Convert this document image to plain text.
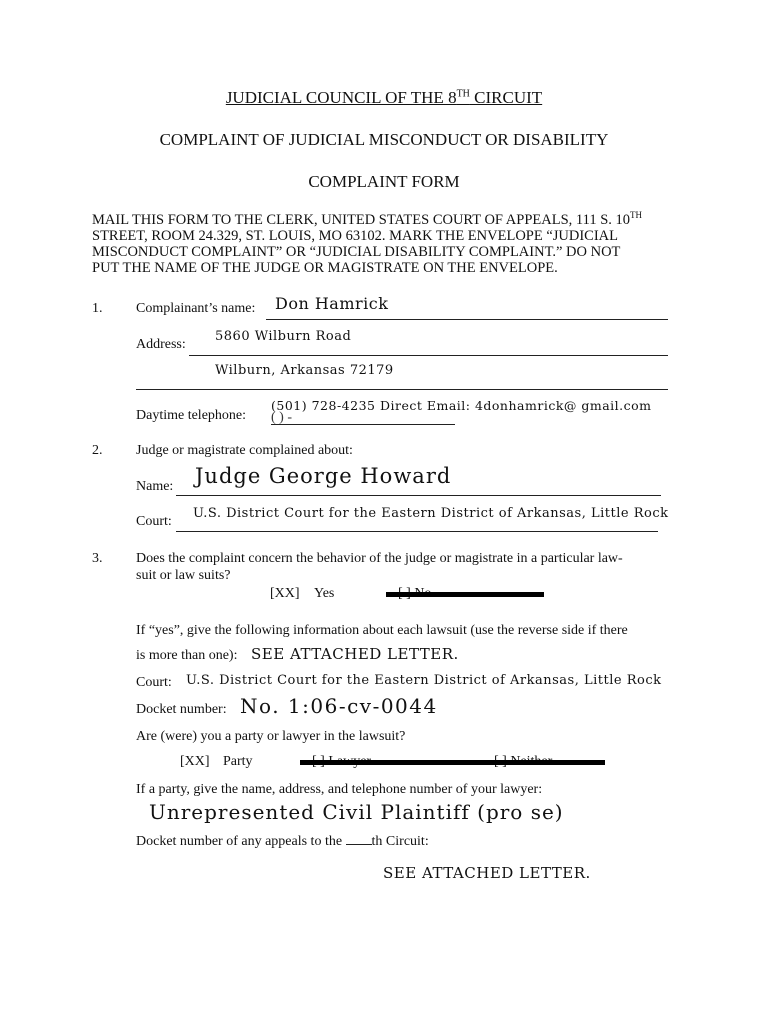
JUDICIAL COUNCIL OF THE 8TH CIRCUIT
COMPLAINT OF JUDICIAL MISCONDUCT OR DISABILITY
COMPLAINT FORM
MAIL THIS FORM TO THE CLERK, UNITED STATES COURT OF APPEALS, 111 S. 10TH
STREET, ROOM 24.329, ST. LOUIS, MO 63102. MARK THE ENVELOPE “JUDICIAL
MISCONDUCT COMPLAINT” OR “JUDICIAL DISABILITY COMPLAINT.” DO NOT
PUT THE NAME OF THE JUDGE OR MAGISTRATE ON THE ENVELOPE.
1. Complainant’s name: Don Hamrick
Address:
5860 Wilburn Road
Wilburn, Arkansas 72179
Daytime telephone:
(501) 728-4235 Direct Email: 4donhamrick@ gmail.com
( ) -
2. Judge or magistrate complained about:
Name: Judge George Howard
Court:
U.S. District Court for the Eastern District of Arkansas, Little Rock
3. Does the complaint concern the behavior of the judge or magistrate in a particular law-
suit or law suits?
[XX] Yes
If “yes”, give the following information about each lawsuit (use the reverse side if there
is more than one): SEE ATTACHED LETTER.
Court: U.S. District Court for the Eastern District of Arkansas, Little Rock
Docket number: No. 1:06-cv-0044
Are (were) you a party or lawyer in the lawsuit?
[XX] Party
If a party, give the name, address, and telephone number of your lawyer:
Unrepresented Civil Plaintiff (pro se)
Docket number of any appeals to the th Circuit:
SEE ATTACHED LETTER.
